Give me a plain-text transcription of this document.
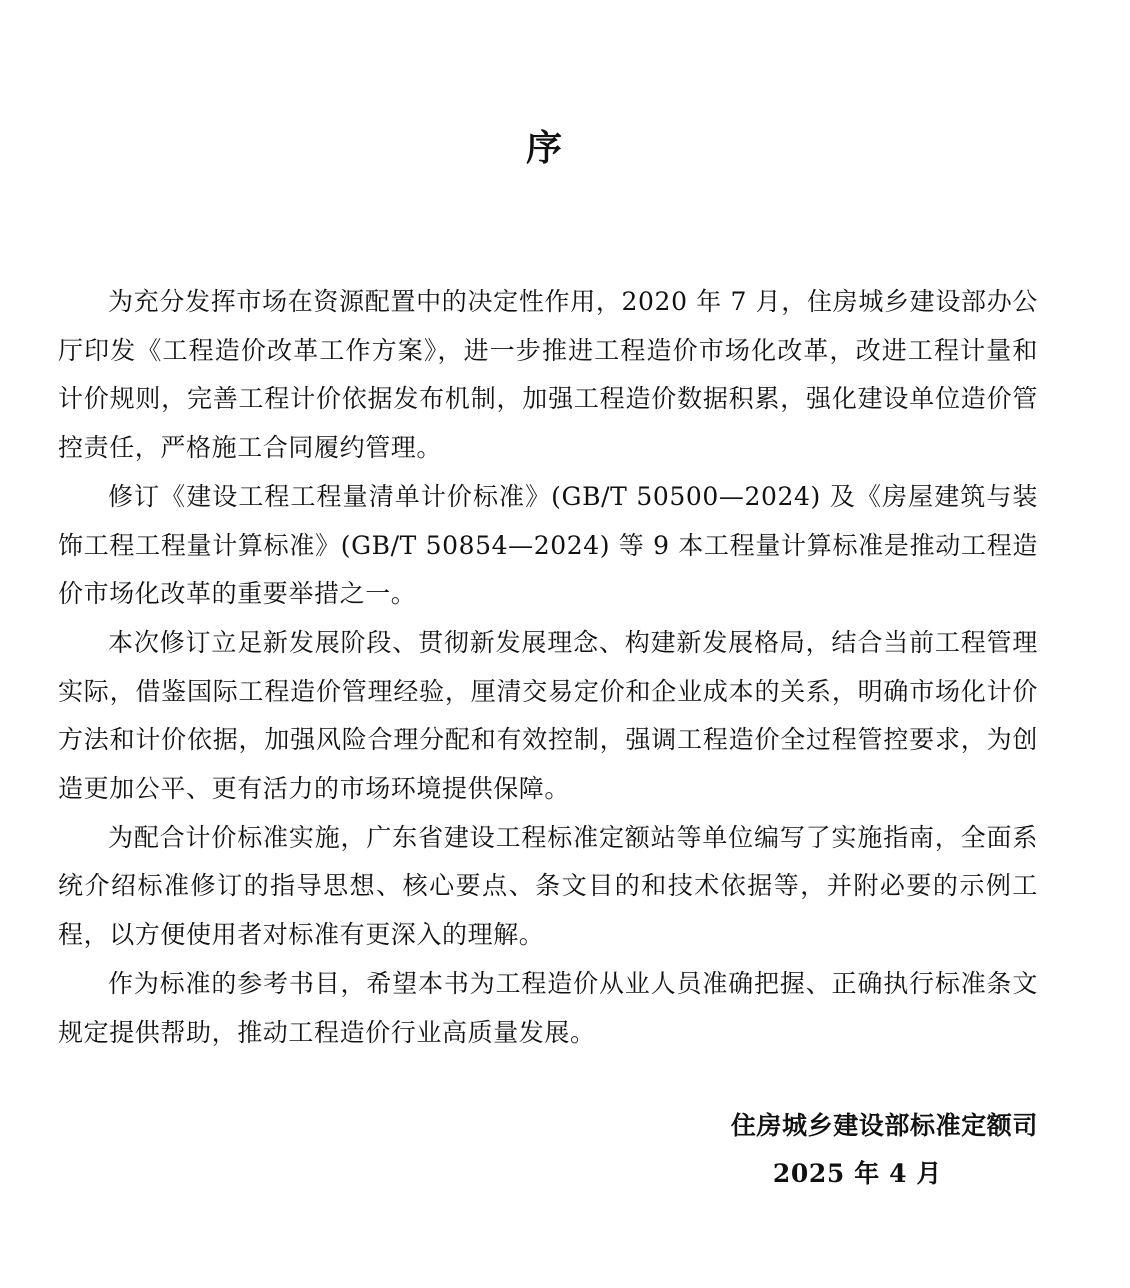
序

为充分发挥市场在资源配置中的决定性作用，2020 年 7 月，住房城乡建设部办公厅印发《工程造价改革工作方案》，进一步推进工程造价市场化改革，改进工程计量和计价规则，完善工程计价依据发布机制，加强工程造价数据积累，强化建设单位造价管控责任，严格施工合同履约管理。

修订《建设工程工程量清单计价标准》(GB/T 50500—2024) 及《房屋建筑与装饰工程工程量计算标准》(GB/T 50854—2024) 等 9 本工程量计算标准是推动工程造价市场化改革的重要举措之一。

本次修订立足新发展阶段、贯彻新发展理念、构建新发展格局，结合当前工程管理实际，借鉴国际工程造价管理经验，厘清交易定价和企业成本的关系，明确市场化计价方法和计价依据，加强风险合理分配和有效控制，强调工程造价全过程管控要求，为创造更加公平、更有活力的市场环境提供保障。

为配合计价标准实施，广东省建设工程标准定额站等单位编写了实施指南，全面系统介绍标准修订的指导思想、核心要点、条文目的和技术依据等，并附必要的示例工程，以方便使用者对标准有更深入的理解。

作为标准的参考书目，希望本书为工程造价从业人员准确把握、正确执行标准条文规定提供帮助，推动工程造价行业高质量发展。

住房城乡建设部标准定额司
2025 年 4 月
